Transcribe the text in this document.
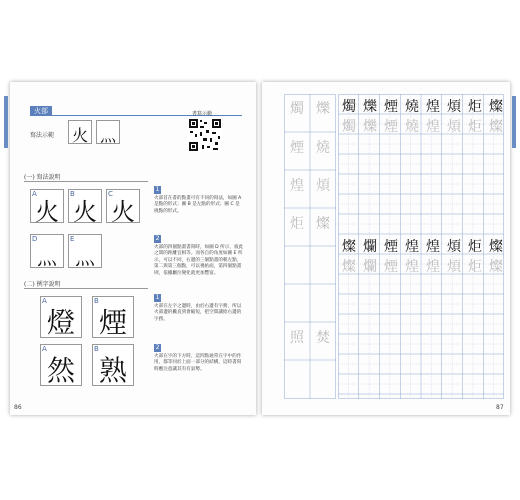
火部
寫法示範 火 灬
書寫示範
(一) 寫法說明
A
火
B
火
C
火
D
灬
E
灬
1
火部首在書的點畫可有不同的寫法，如圖 A 是點的形式；圖 B 是左點的形式；圖 C 是挑點的形式。
2
火部的四個點畫書寫時，如圖 D 所示，彼此之間的距離宜相等。而各自的角度如圖 E 所示，可以不同，右邊的三個點畫的朝左點，第二與第三個點，可以視帖面，第四個點畫則，依據屬位變化就更加豐富。
(二) 例字說明
A
燈
B
煙
A
然
B
熟
1
火部在左字之邊時，由於右邊有字務，所以火部邊的撇直到會縮短，把空間讓給右邊的字務。
2
火部在字的下方時，這四點通常在字中的作用，都等同於上面一部分的結構，這時書寫時應注意讓其有有氣勢。
86
燭 爍
煙 燒
煌 煩
炬 燦
照 焚
燭 爍 煙 燒 煌 煩 炬 燦
燭 爍 煙 燒 煌 煩 炬 燦
燦 爛 煙 煌 煌 煩 炬 燦
燦 爛 煙 煌 煌 煩 炬 燦
87
